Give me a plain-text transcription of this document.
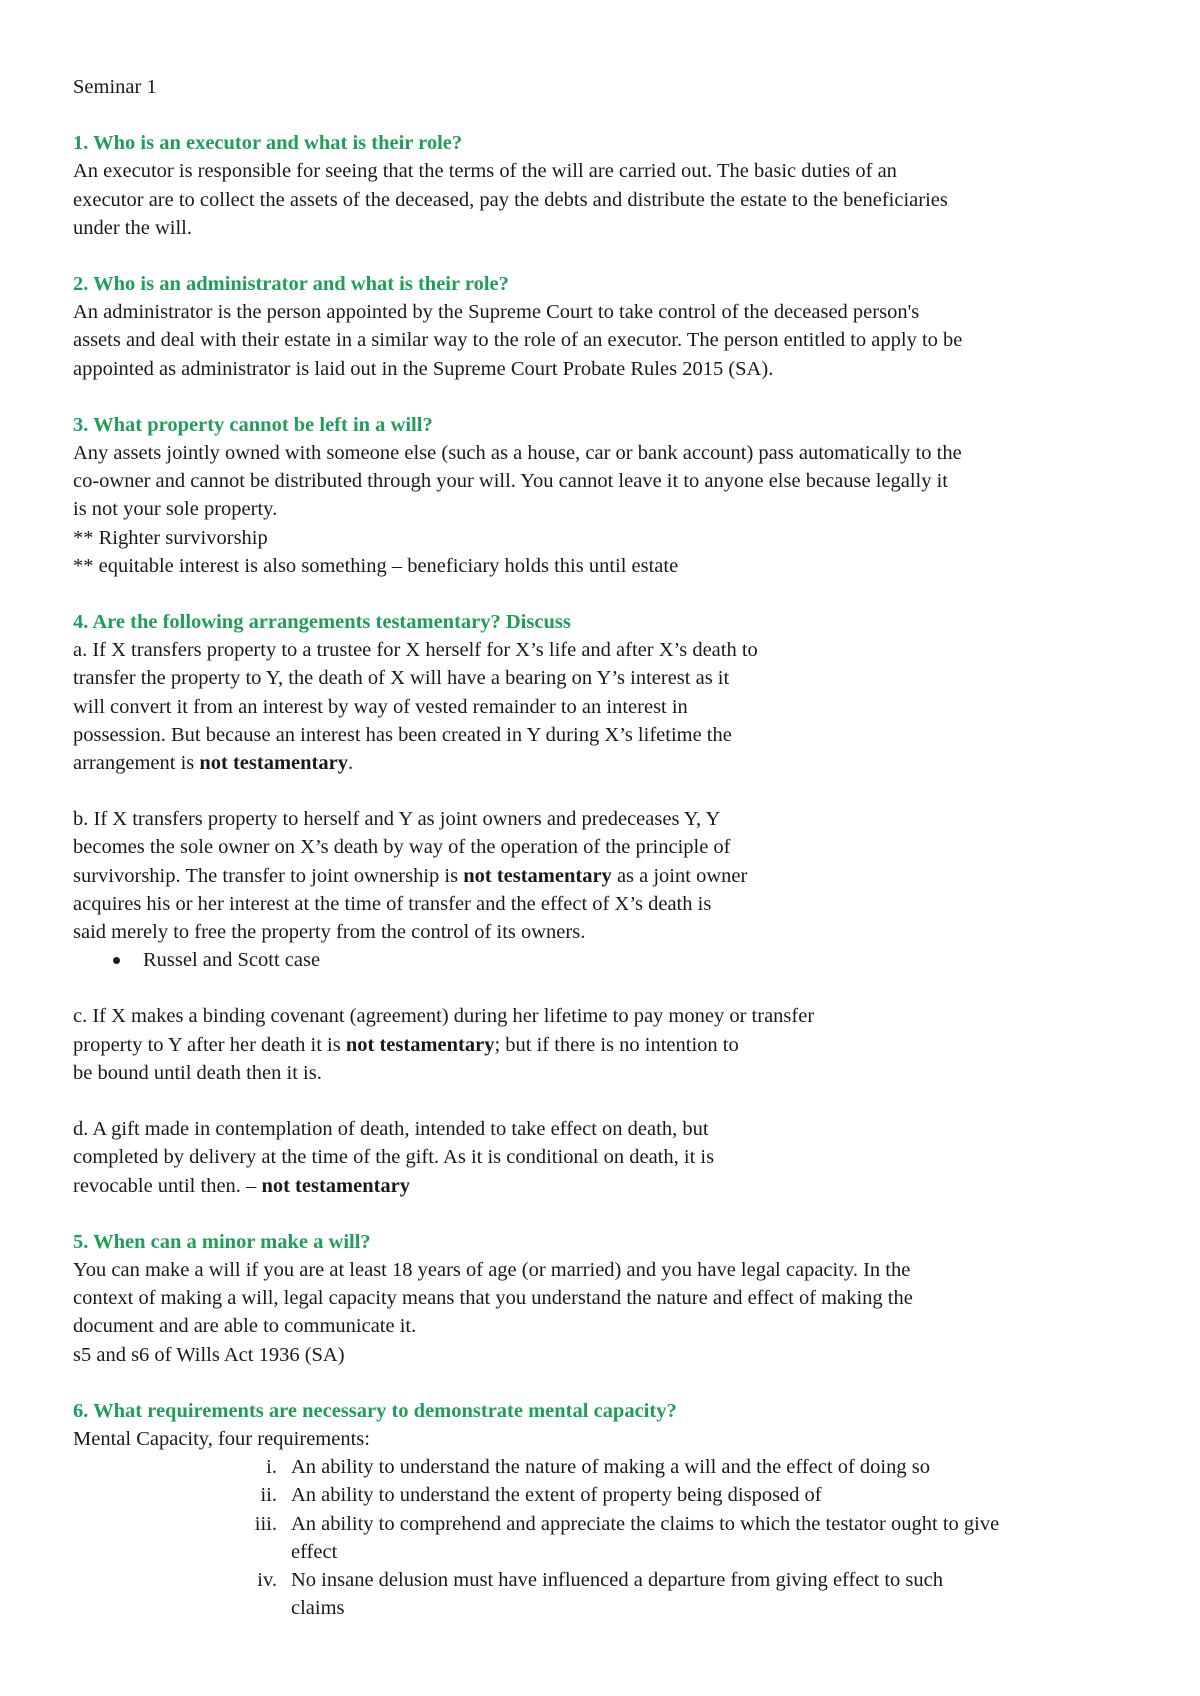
Seminar 1
1. Who is an executor and what is their role?
An executor is responsible for seeing that the terms of the will are carried out. The basic duties of an
executor are to collect the assets of the deceased, pay the debts and distribute the estate to the beneficiaries
under the will.
2. Who is an administrator and what is their role?
An administrator is the person appointed by the Supreme Court to take control of the deceased person's
assets and deal with their estate in a similar way to the role of an executor. The person entitled to apply to be
appointed as administrator is laid out in the Supreme Court Probate Rules 2015 (SA).
3. What property cannot be left in a will?
Any assets jointly owned with someone else (such as a house, car or bank account) pass automatically to the
co-owner and cannot be distributed through your will. You cannot leave it to anyone else because legally it
is not your sole property.
** Righter survivorship
** equitable interest is also something – beneficiary holds this until estate
4. Are the following arrangements testamentary? Discuss
a. If X transfers property to a trustee for X herself for X’s life and after X’s death to
transfer the property to Y, the death of X will have a bearing on Y’s interest as it
will convert it from an interest by way of vested remainder to an interest in
possession. But because an interest has been created in Y during X’s lifetime the
arrangement is not testamentary.
b. If X transfers property to herself and Y as joint owners and predeceases Y, Y
becomes the sole owner on X’s death by way of the operation of the principle of
survivorship. The transfer to joint ownership is not testamentary as a joint owner
acquires his or her interest at the time of transfer and the effect of X’s death is
said merely to free the property from the control of its owners.
Russel and Scott case
c. If X makes a binding covenant (agreement) during her lifetime to pay money or transfer
property to Y after her death it is not testamentary; but if there is no intention to
be bound until death then it is.
d. A gift made in contemplation of death, intended to take effect on death, but
completed by delivery at the time of the gift. As it is conditional on death, it is
revocable until then. – not testamentary
5. When can a minor make a will?
You can make a will if you are at least 18 years of age (or married) and you have legal capacity. In the
context of making a will, legal capacity means that you understand the nature and effect of making the
document and are able to communicate it.
s5 and s6 of Wills Act 1936 (SA)
6. What requirements are necessary to demonstrate mental capacity?
Mental Capacity, four requirements:
i. An ability to understand the nature of making a will and the effect of doing so
ii. An ability to understand the extent of property being disposed of
iii. An ability to comprehend and appreciate the claims to which the testator ought to give
effect
iv. No insane delusion must have influenced a departure from giving effect to such
claims
